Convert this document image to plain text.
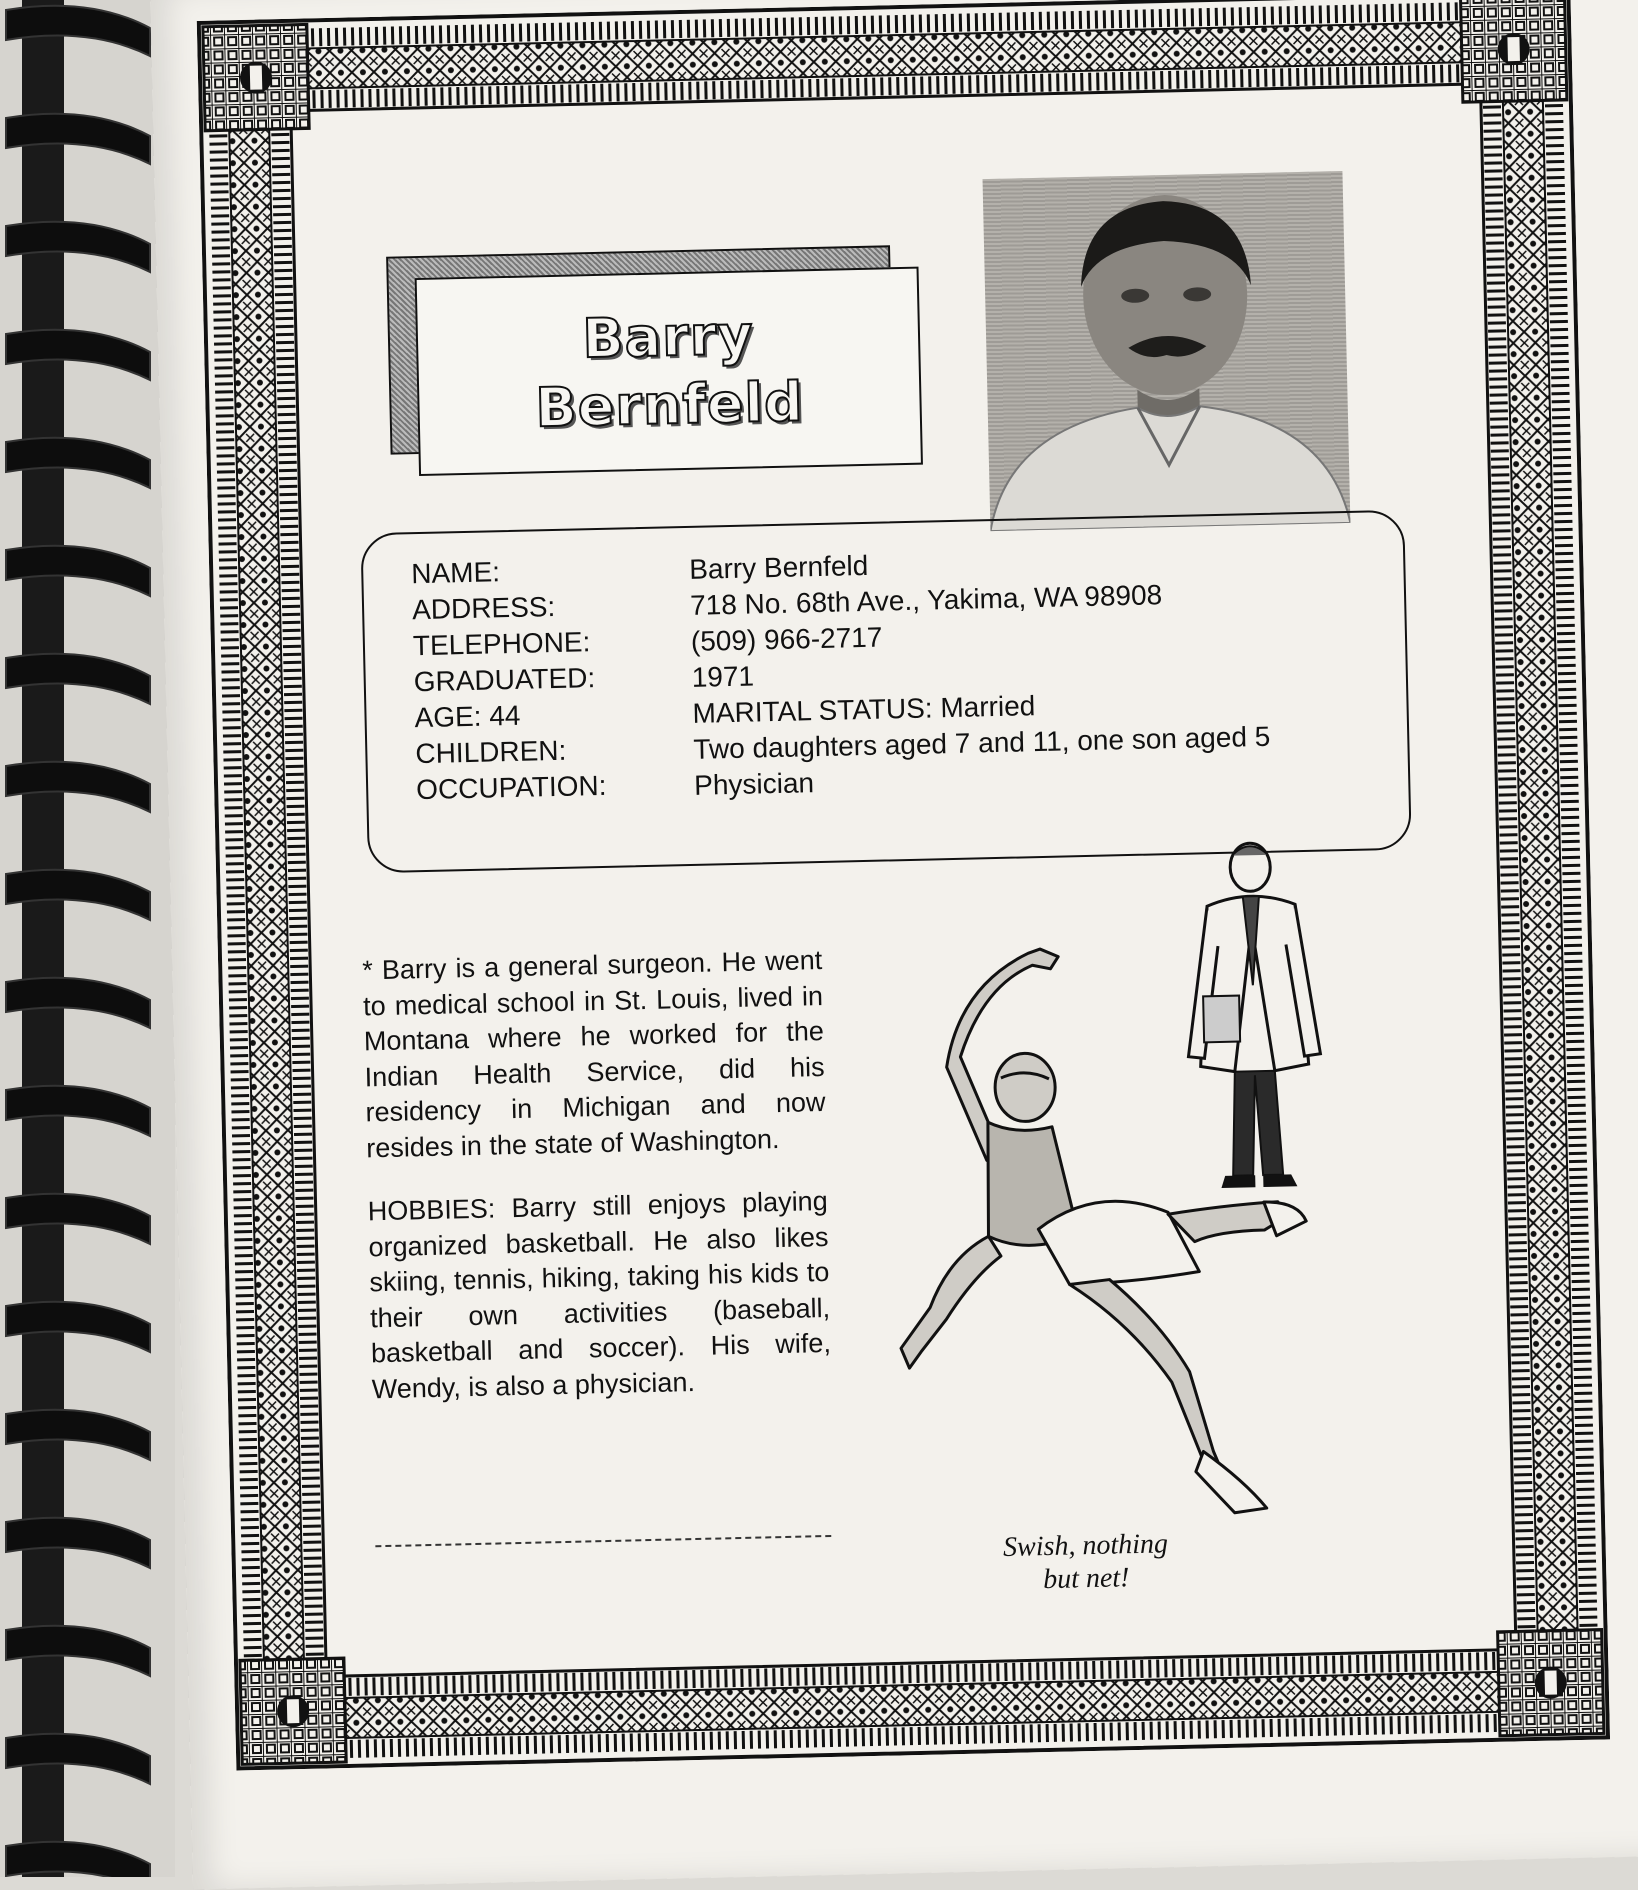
Barry
Bernfeld
NAME:	Barry Bernfeld
ADDRESS:	718 No. 68th Ave., Yakima, WA 98908
TELEPHONE:	(509) 966-2717
GRADUATED:	1971
AGE: 44	MARITAL STATUS: Married
CHILDREN:	Two daughters aged 7 and 11, one son aged 5
OCCUPATION:	Physician

* Barry is a general surgeon. He went to medical school in St. Louis, lived in Montana where he worked for the Indian Health Service, did his residency in Michigan and now resides in the state of Washington.

HOBBIES: Barry still enjoys playing organized basketball. He also likes skiing, tennis, hiking, taking his kids to their own activities (baseball, basketball and soccer). His wife, Wendy, is also a physician.

Swish, nothing
but net!
